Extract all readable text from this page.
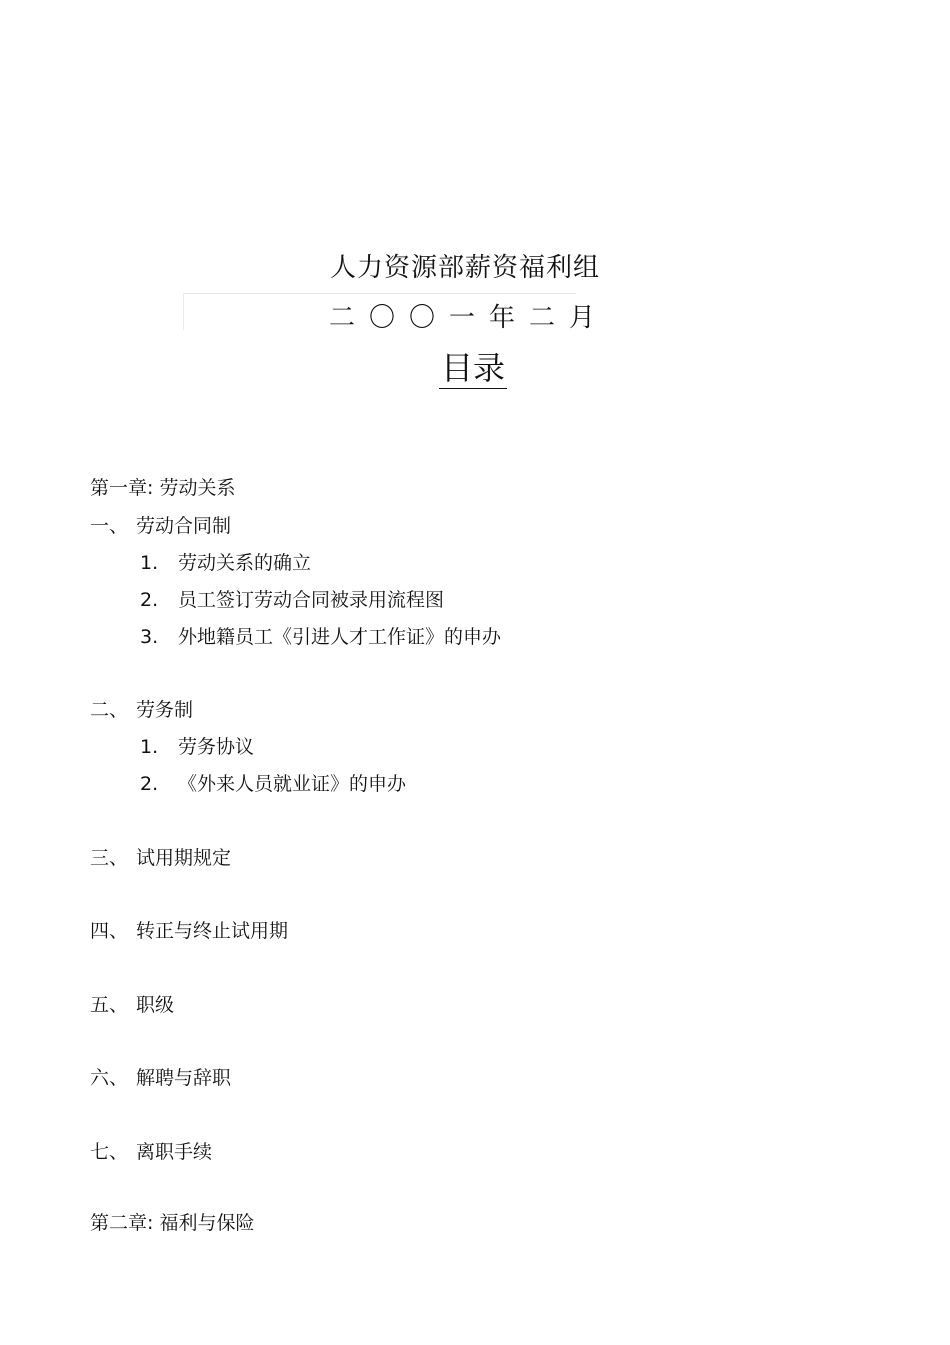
人力资源部薪资福利组
二〇〇一年二月
目录
第一章: 劳动关系
一、 劳动合同制
1. 劳动关系的确立
2. 员工签订劳动合同被录用流程图
3. 外地籍员工《引进人才工作证》的申办
二、 劳务制
1. 劳务协议
2. 《外来人员就业证》的申办
三、 试用期规定
四、 转正与终止试用期
五、 职级
六、 解聘与辞职
七、 离职手续
第二章: 福利与保险
